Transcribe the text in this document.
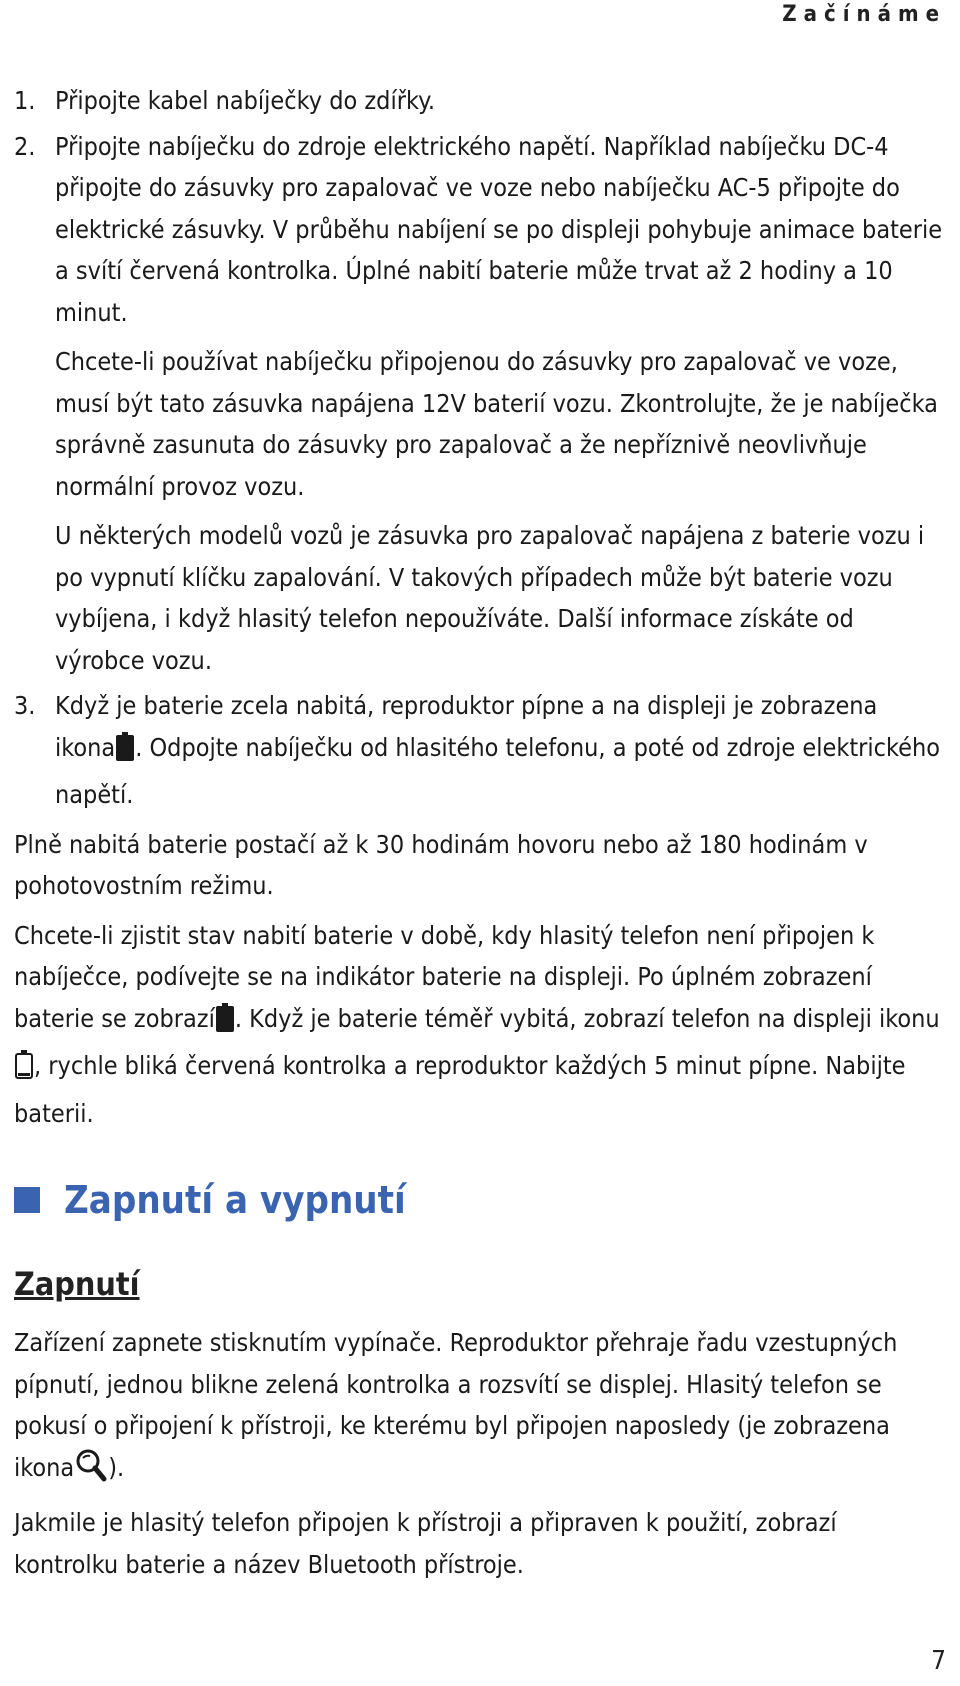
Začínáme
1. Připojte kabel nabíječky do zdířky.
2. Připojte nabíječku do zdroje elektrického napětí. Například nabíječku DC-4 připojte do zásuvky pro zapalovač ve voze nebo nabíječku AC-5 připojte do elektrické zásuvky. V průběhu nabíjení se po displeji pohybuje animace baterie a svítí červená kontrolka. Úplné nabití baterie může trvat až 2 hodiny a 10 minut.
Chcete-li používat nabíječku připojenou do zásuvky pro zapalovač ve voze, musí být tato zásuvka napájena 12V baterií vozu. Zkontrolujte, že je nabíječka správně zasunuta do zásuvky pro zapalovač a že nepříznivě neovlivňuje normální provoz vozu.
U některých modelů vozů je zásuvka pro zapalovač napájena z baterie vozu i po vypnutí klíčku zapalování. V takových případech může být baterie vozu vybíjena, i když hlasitý telefon nepoužíváte. Další informace získáte od výrobce vozu.
3. Když je baterie zcela nabitá, reproduktor pípne a na displeji je zobrazena ikona . Odpojte nabíječku od hlasitého telefonu, a poté od zdroje elektrického napětí.
Plně nabitá baterie postačí až k 30 hodinám hovoru nebo až 180 hodinám v pohotovostním režimu.
Chcete-li zjistit stav nabití baterie v době, kdy hlasitý telefon není připojen k nabíječce, podívejte se na indikátor baterie na displeji. Po úplném zobrazení baterie se zobrazí . Když je baterie téměř vybitá, zobrazí telefon na displeji ikonu, rychle bliká červená kontrolka a reproduktor každých 5 minut pípne. Nabijte baterii.
Zapnutí a vypnutí
Zapnutí
Zařízení zapnete stisknutím vypínače. Reproduktor přehraje řadu vzestupných pípnutí, jednou blikne zelená kontrolka a rozsvítí se displej. Hlasitý telefon se pokusí o připojení k přístroji, ke kterému byl připojen naposledy (je zobrazena ikona ).
Jakmile je hlasitý telefon připojen k přístroji a připraven k použití, zobrazí kontrolku baterie a název Bluetooth přístroje.
7
